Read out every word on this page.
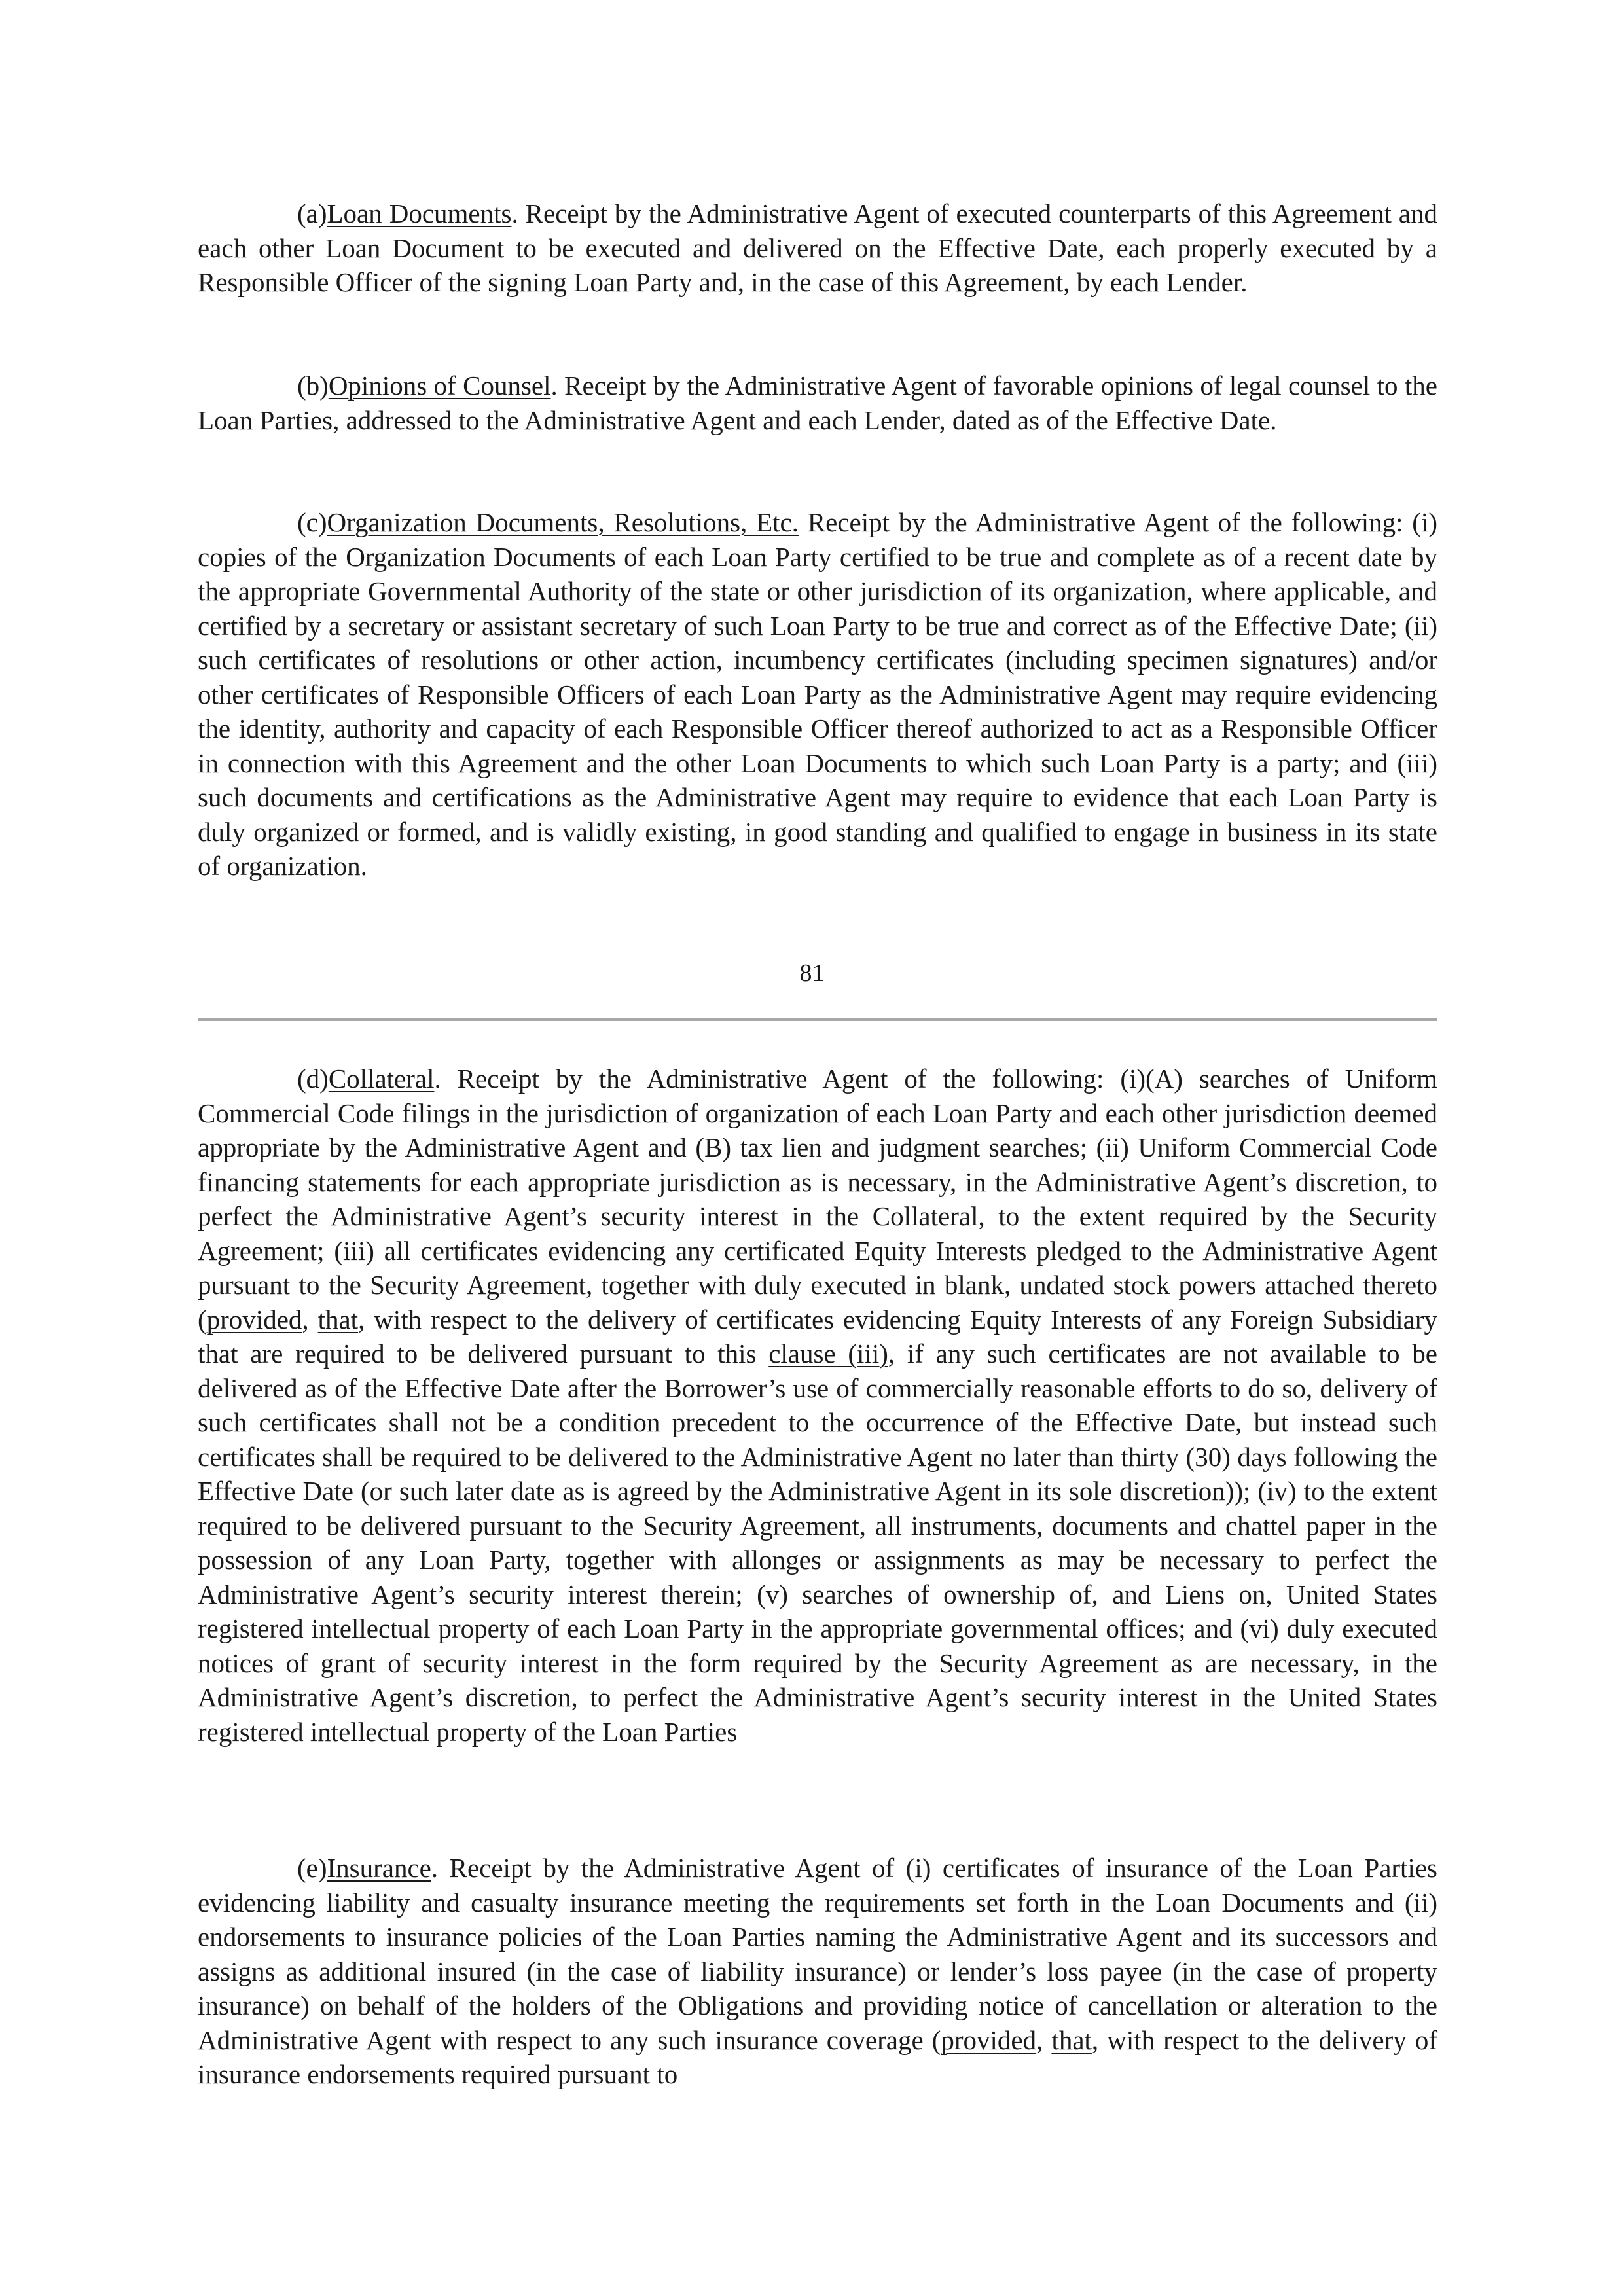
(a)Loan Documents. Receipt by the Administrative Agent of executed counterparts of this Agreement and each other Loan Document to be executed and delivered on the Effective Date, each properly executed by a Responsible Officer of the signing Loan Party and, in the case of this Agreement, by each Lender.

(b)Opinions of Counsel. Receipt by the Administrative Agent of favorable opinions of legal counsel to the Loan Parties, addressed to the Administrative Agent and each Lender, dated as of the Effective Date.

(c)Organization Documents, Resolutions, Etc. Receipt by the Administrative Agent of the following: (i) copies of the Organization Documents of each Loan Party certified to be true and complete as of a recent date by the appropriate Governmental Authority of the state or other jurisdiction of its organization, where applicable, and certified by a secretary or assistant secretary of such Loan Party to be true and correct as of the Effective Date; (ii) such certificates of resolutions or other action, incumbency certificates (including specimen signatures) and/or other certificates of Responsible Officers of each Loan Party as the Administrative Agent may require evidencing the identity, authority and capacity of each Responsible Officer thereof authorized to act as a Responsible Officer in connection with this Agreement and the other Loan Documents to which such Loan Party is a party; and (iii) such documents and certifications as the Administrative Agent may require to evidence that each Loan Party is duly organized or formed, and is validly existing, in good standing and qualified to engage in business in its state of organization.

81

(d)Collateral. Receipt by the Administrative Agent of the following: (i)(A) searches of Uniform Commercial Code filings in the jurisdiction of organization of each Loan Party and each other jurisdiction deemed appropriate by the Administrative Agent and (B) tax lien and judgment searches; (ii) Uniform Commercial Code financing statements for each appropriate jurisdiction as is necessary, in the Administrative Agent’s discretion, to perfect the Administrative Agent’s security interest in the Collateral, to the extent required by the Security Agreement; (iii) all certificates evidencing any certificated Equity Interests pledged to the Administrative Agent pursuant to the Security Agreement, together with duly executed in blank, undated stock powers attached thereto (provided, that, with respect to the delivery of certificates evidencing Equity Interests of any Foreign Subsidiary that are required to be delivered pursuant to this clause (iii), if any such certificates are not available to be delivered as of the Effective Date after the Borrower’s use of commercially reasonable efforts to do so, delivery of such certificates shall not be a condition precedent to the occurrence of the Effective Date, but instead such certificates shall be required to be delivered to the Administrative Agent no later than thirty (30) days following the Effective Date (or such later date as is agreed by the Administrative Agent in its sole discretion)); (iv) to the extent required to be delivered pursuant to the Security Agreement, all instruments, documents and chattel paper in the possession of any Loan Party, together with allonges or assignments as may be necessary to perfect the Administrative Agent’s security interest therein; (v) searches of ownership of, and Liens on, United States registered intellectual property of each Loan Party in the appropriate governmental offices; and (vi) duly executed notices of grant of security interest in the form required by the Security Agreement as are necessary, in the Administrative Agent’s discretion, to perfect the Administrative Agent’s security interest in the United States registered intellectual property of the Loan Parties

(e)Insurance. Receipt by the Administrative Agent of (i) certificates of insurance of the Loan Parties evidencing liability and casualty insurance meeting the requirements set forth in the Loan Documents and (ii) endorsements to insurance policies of the Loan Parties naming the Administrative Agent and its successors and assigns as additional insured (in the case of liability insurance) or lender’s loss payee (in the case of property insurance) on behalf of the holders of the Obligations and providing notice of cancellation or alteration to the Administrative Agent with respect to any such insurance coverage (provided, that, with respect to the delivery of insurance endorsements required pursuant to
